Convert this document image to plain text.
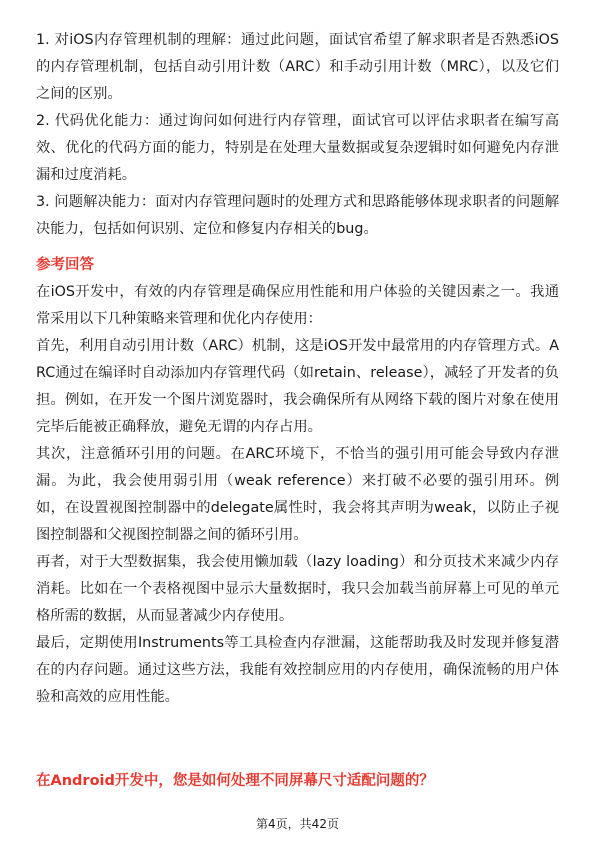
1. 对iOS内存管理机制的理解：通过此问题，面试官希望了解求职者是否熟悉iOS的内存管理机制，包括自动引用计数（ARC）和手动引用计数（MRC），以及它们之间的区别。

2. 代码优化能力：通过询问如何进行内存管理，面试官可以评估求职者在编写高效、优化的代码方面的能力，特别是在处理大量数据或复杂逻辑时如何避免内存泄漏和过度消耗。

3. 问题解决能力：面对内存管理问题时的处理方式和思路能够体现求职者的问题解决能力，包括如何识别、定位和修复内存相关的bug。

参考回答

在iOS开发中，有效的内存管理是确保应用性能和用户体验的关键因素之一。我通常采用以下几种策略来管理和优化内存使用：

首先，利用自动引用计数（ARC）机制，这是iOS开发中最常用的内存管理方式。ARC通过在编译时自动添加内存管理代码（如retain、release），减轻了开发者的负担。例如，在开发一个图片浏览器时，我会确保所有从网络下载的图片对象在使用完毕后能被正确释放，避免无谓的内存占用。

其次，注意循环引用的问题。在ARC环境下，不恰当的强引用可能会导致内存泄漏。为此，我会使用弱引用（weak reference）来打破不必要的强引用环。例如，在设置视图控制器中的delegate属性时，我会将其声明为weak，以防止子视图控制器和父视图控制器之间的循环引用。

再者，对于大型数据集，我会使用懒加载（lazy loading）和分页技术来减少内存消耗。比如在一个表格视图中显示大量数据时，我只会加载当前屏幕上可见的单元格所需的数据，从而显著减少内存使用。

最后，定期使用Instruments等工具检查内存泄漏，这能帮助我及时发现并修复潜在的内存问题。通过这些方法，我能有效控制应用的内存使用，确保流畅的用户体验和高效的应用性能。

在Android开发中，您是如何处理不同屏幕尺寸适配问题的？
第4页，共42页
